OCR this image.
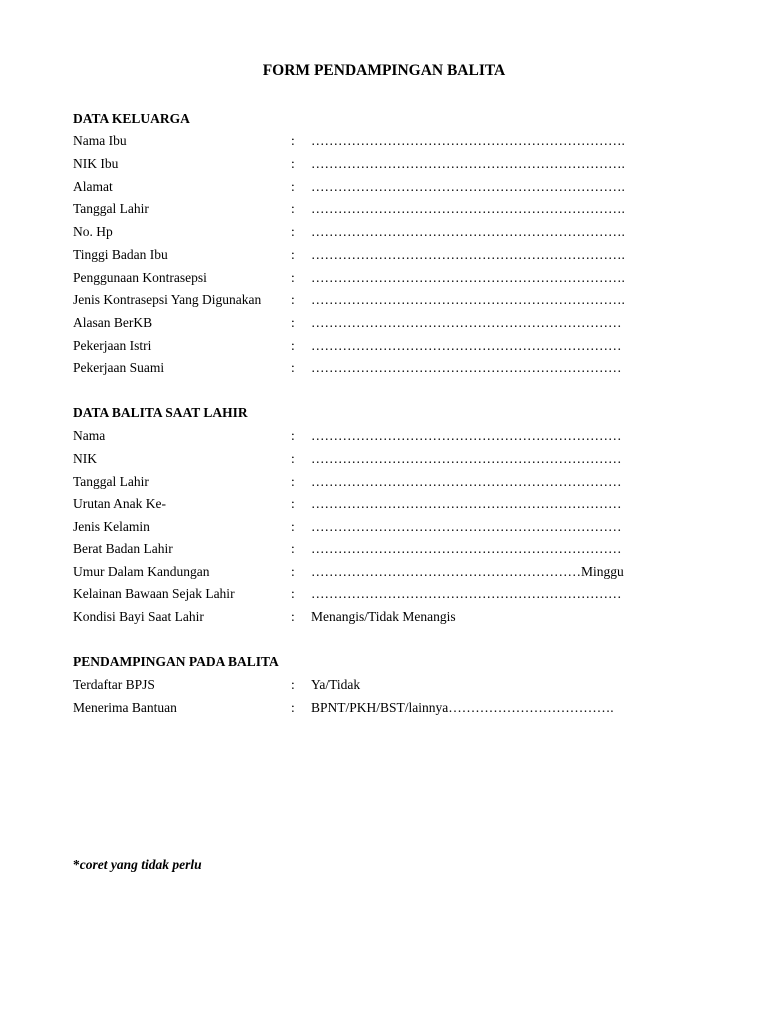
FORM PENDAMPINGAN BALITA
DATA KELUARGA
Nama Ibu	: …………………………………………………………….
NIK Ibu	: …………………………………………………………….
Alamat	: …………………………………………………………….
Tanggal Lahir	: …………………………………………………………….
No. Hp	: …………………………………………………………….
Tinggi Badan Ibu	: …………………………………………………………….
Penggunaan Kontrasepsi	: …………………………………………………………….
Jenis Kontrasepsi Yang Digunakan : …………………………………………………………….
Alasan BerKB	: ……………………………………………………………
Pekerjaan Istri	: ……………………………………………………………
Pekerjaan Suami	: ……………………………………………………………
DATA BALITA SAAT LAHIR
Nama	: ……………………………………………………………
NIK	: ……………………………………………………………
Tanggal Lahir	: ……………………………………………………………
Urutan Anak Ke-	: ……………………………………………………………
Jenis Kelamin	: ……………………………………………………………
Berat Badan Lahir	: ……………………………………………………………
Umur Dalam Kandungan	: ……………………………………………………Minggu
Kelainan Bawaan Sejak Lahir	: ……………………………………………………………
Kondisi Bayi Saat Lahir	: Menangis/Tidak Menangis
PENDAMPINGAN PADA BALITA
Terdaftar BPJS	: Ya/Tidak
Menerima Bantuan	: BPNT/PKH/BST/lainnya……………………………….
*coret yang tidak perlu
